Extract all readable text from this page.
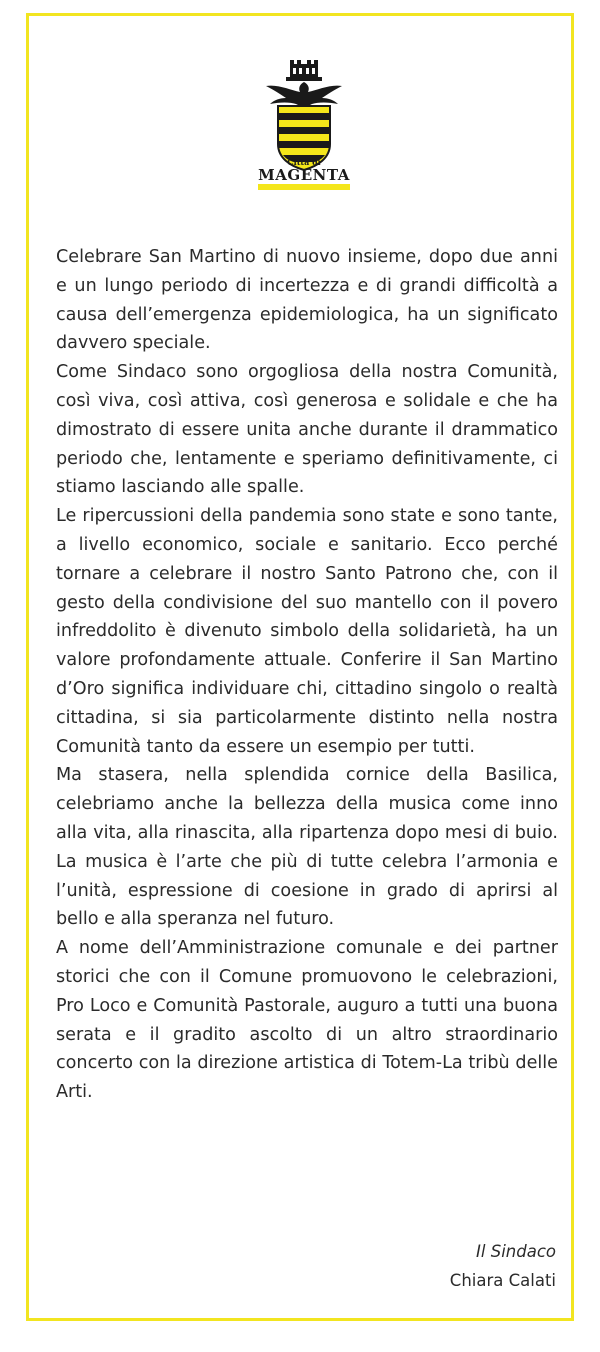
Città di
MAGENTA

Celebrare San Martino di nuovo insieme, dopo due anni e un lungo periodo di incertezza e di grandi difficoltà a causa dell’emergenza epidemiologica, ha un significato davvero speciale.

Come Sindaco sono orgogliosa della nostra Comunità, così viva, così attiva, così generosa e solidale e che ha dimostrato di essere unita anche durante il drammatico periodo che, lentamente e speriamo definitivamente, ci stiamo lasciando alle spalle.

Le ripercussioni della pandemia sono state e sono tante, a livello economico, sociale e sanitario. Ecco perché tornare a celebrare il nostro Santo Patrono che, con il gesto della condivisione del suo mantello con il povero infreddolito è divenuto simbolo della solidarietà, ha un valore profondamente attuale. Conferire il San Martino d’Oro significa individuare chi, cittadino singolo o realtà cittadina, si sia particolarmente distinto nella nostra Comunità tanto da essere un esempio per tutti.

Ma stasera, nella splendida cornice della Basilica, celebriamo anche la bellezza della musica come inno alla vita, alla rinascita, alla ripartenza dopo mesi di buio. La musica è l’arte che più di tutte celebra l’armonia e l’unità, espressione di coesione in grado di aprirsi al bello e alla speranza nel futuro.

A nome dell’Amministrazione comunale e dei partner storici che con il Comune promuovono le celebrazioni, Pro Loco e Comunità Pastorale, auguro a tutti una buona serata e il gradito ascolto di un altro straordinario concerto con la direzione artistica di Totem-La tribù delle Arti.

Il Sindaco
Chiara Calati
